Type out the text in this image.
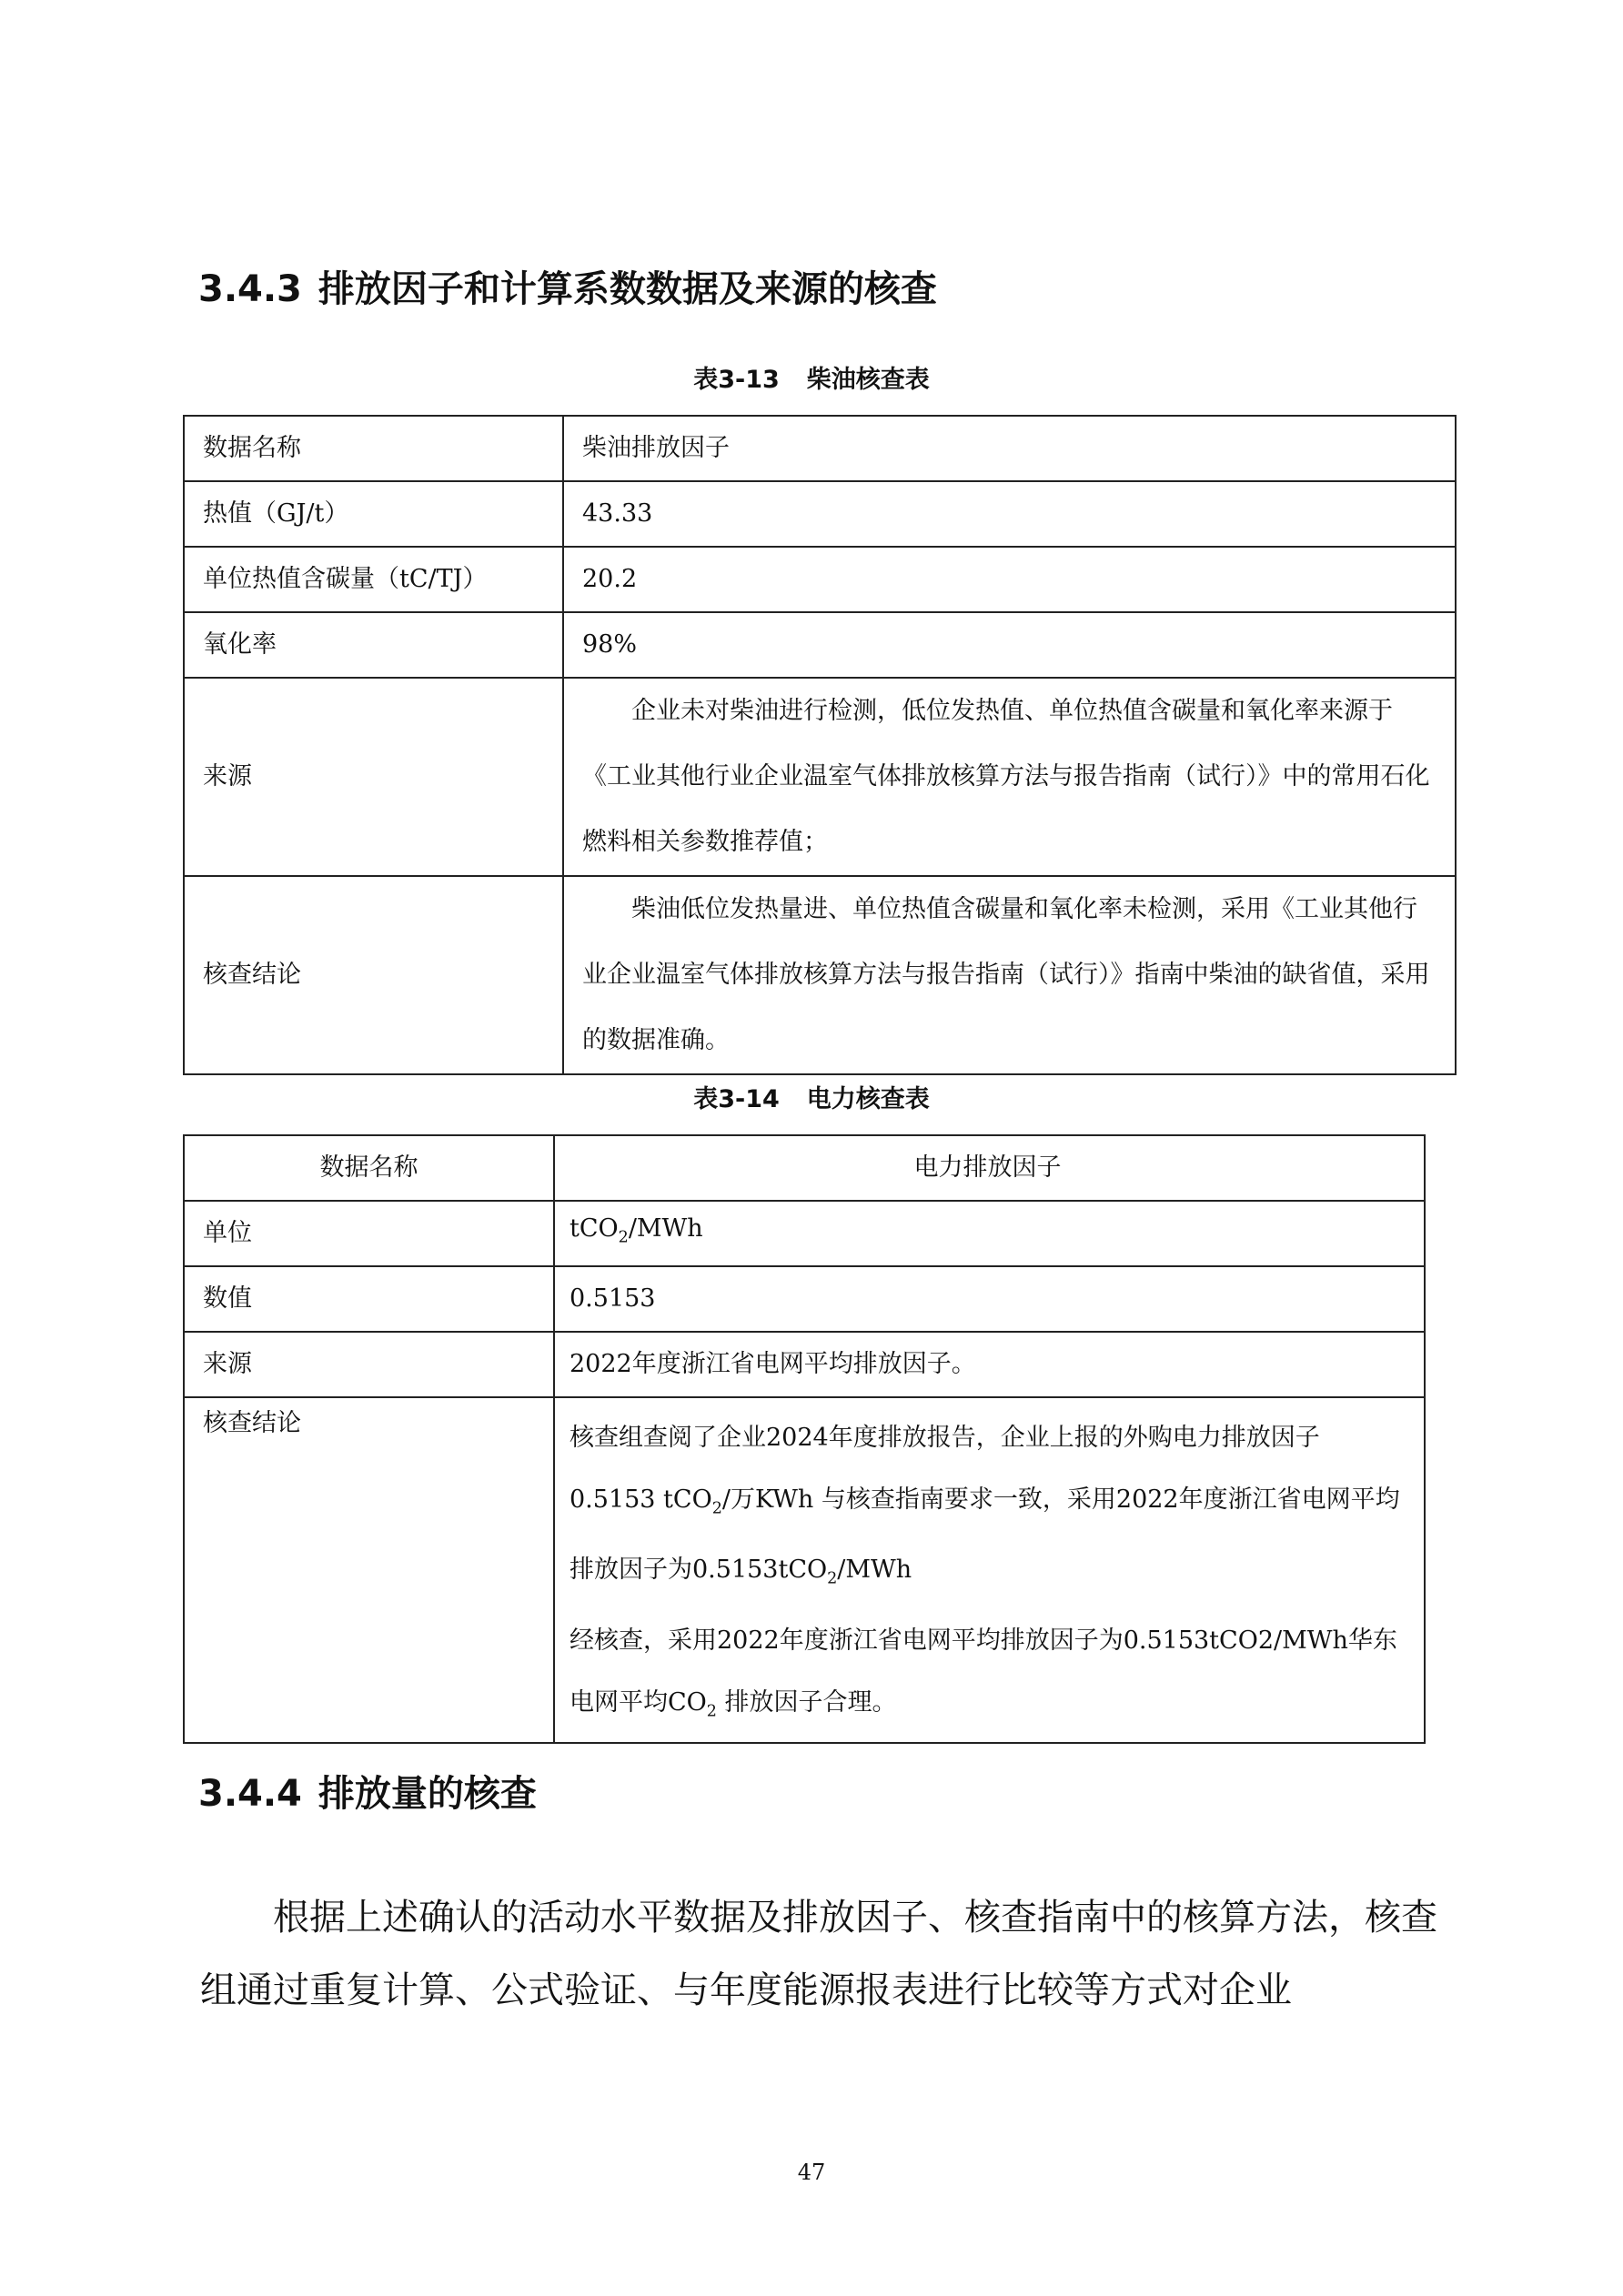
3.4.3 排放因子和计算系数数据及来源的核查
表3-13 柴油核查表
数据名称	柴油排放因子
热值（GJ/t）	43.33
单位热值含碳量（tC/TJ）	20.2
氧化率	98%
来源	企业未对柴油进行检测，低位发热值、单位热值含碳量和氧化率来源于《工业其他行业企业温室气体排放核算方法与报告指南（试行）》中的常用石化燃料相关参数推荐值；
核查结论	柴油低位发热量进、单位热值含碳量和氧化率未检测，采用《工业其他行业企业温室气体排放核算方法与报告指南（试行）》指南中柴油的缺省值，采用的数据准确。
表3-14 电力核查表
数据名称	电力排放因子
单位	tCO$_2$/MWh
数值	0.5153
来源	2022年度浙江省电网平均排放因子。
核查结论	核查组查阅了企业2024年度排放报告，企业上报的外购电力排放因子0.5153 tCO$_2$/万KWh 与核查指南要求一致，采用2022年度浙江省电网平均排放因子为0.5153tCO$_2$/MWh
经核查，采用2022年度浙江省电网平均排放因子为0.5153tCO2/MWh华东电网平均$CO_2$ 排放因子合理。
3.4.4 排放量的核查

根据上述确认的活动水平数据及排放因子、核查指南中的核算方法，核查组通过重复计算、公式验证、与年度能源报表进行比较等方式对企业

47
